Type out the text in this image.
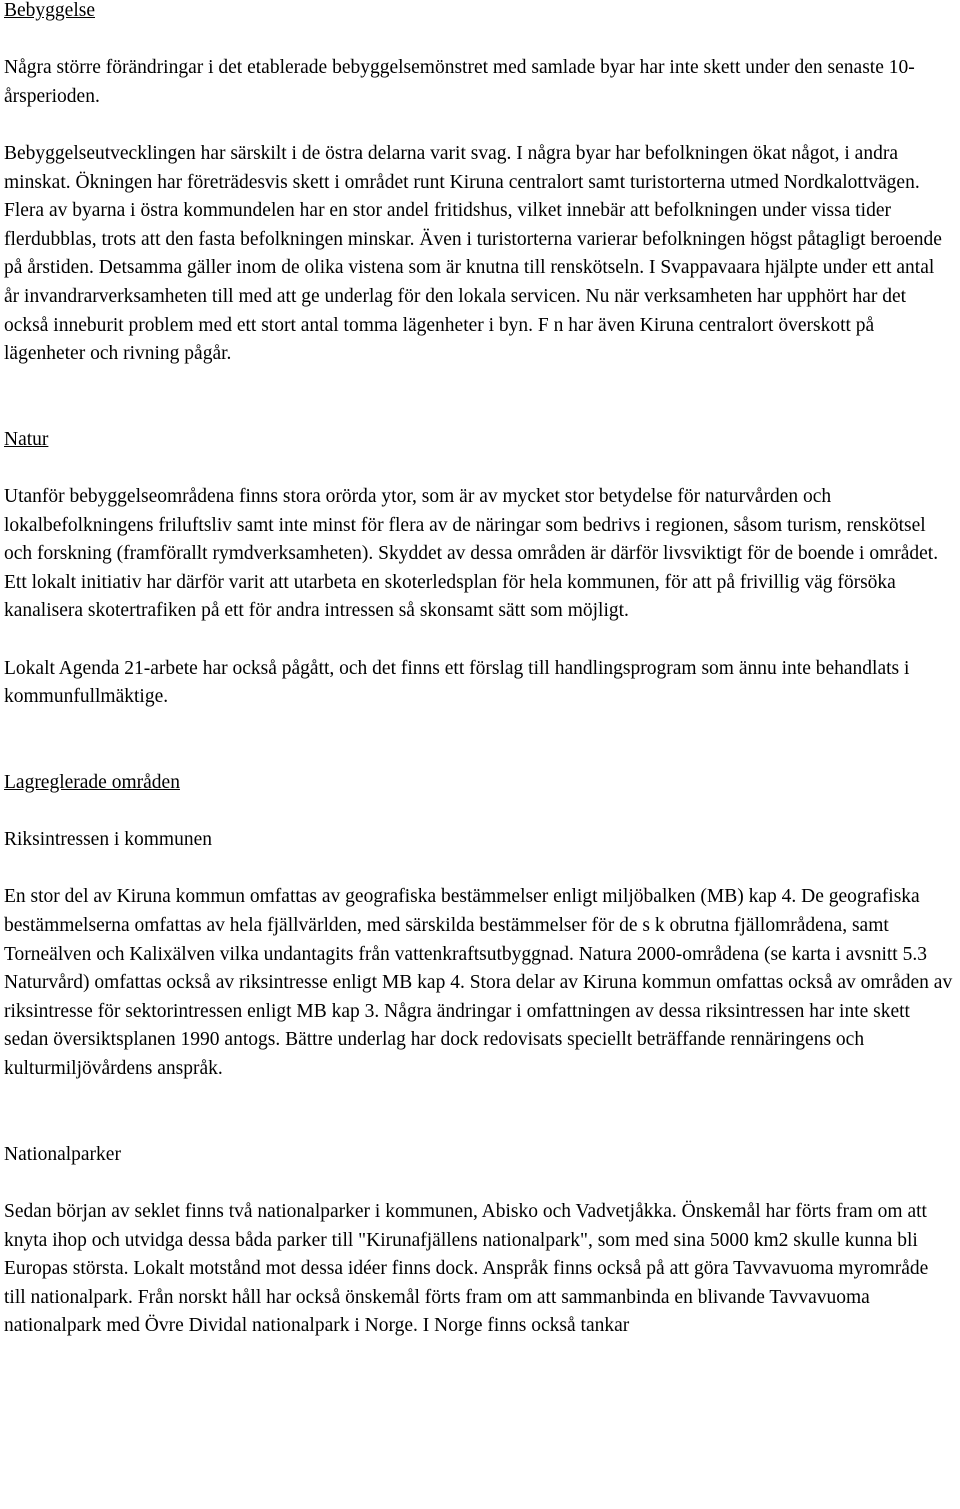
Bebyggelse

Några större förändringar i det etablerade bebyggelsemönstret med samlade byar har inte skett under den senaste 10-årsperioden.

Bebyggelseutvecklingen har särskilt i de östra delarna varit svag. I några byar har befolkningen ökat något, i andra minskat. Ökningen har företrädesvis skett i området runt Kiruna centralort samt turistorterna utmed Nordkalottvägen. Flera av byarna i östra kommundelen har en stor andel fritidshus, vilket innebär att befolkningen under vissa tider flerdubblas, trots att den fasta befolkningen minskar. Även i turistorterna varierar befolkningen högst påtagligt beroende på årstiden. Detsamma gäller inom de olika vistena som är knutna till renskötseln. I Svappavaara hjälpte under ett antal år invandrarverksamheten till med att ge underlag för den lokala servicen. Nu när verksamheten har upphört har det också inneburit problem med ett stort antal tomma lägenheter i byn. F n har även Kiruna centralort överskott på lägenheter och rivning pågår.

Natur

Utanför bebyggelseområdena finns stora orörda ytor, som är av mycket stor betydelse för naturvården och lokalbefolkningens friluftsliv samt inte minst för flera av de näringar som bedrivs i regionen, såsom turism, renskötsel och forskning (framförallt rymdverksamheten). Skyddet av dessa områden är därför livsviktigt för de boende i området. Ett lokalt initiativ har därför varit att utarbeta en skoterledsplan för hela kommunen, för att på frivillig väg försöka kanalisera skotertrafiken på ett för andra intressen så skonsamt sätt som möjligt.

Lokalt Agenda 21-arbete har också pågått, och det finns ett förslag till handlingsprogram som ännu inte behandlats i kommunfullmäktige.

Lagreglerade områden

Riksintressen i kommunen

En stor del av Kiruna kommun omfattas av geografiska bestämmelser enligt miljöbalken (MB) kap 4. De geografiska bestämmelserna omfattas av hela fjällvärlden, med särskilda bestämmelser för de s k obrutna fjällområdena, samt Torneälven och Kalixälven vilka undantagits från vattenkraftsutbyggnad. Natura 2000-områdena (se karta i avsnitt 5.3 Naturvård) omfattas också av riksintresse enligt MB kap 4. Stora delar av Kiruna kommun omfattas också av områden av riksintresse för sektorintressen enligt MB kap 3. Några ändringar i omfattningen av dessa riksintressen har inte skett sedan översiktsplanen 1990 antogs. Bättre underlag har dock redovisats speciellt beträffande rennäringens och kulturmiljövårdens anspråk.

Nationalparker

Sedan början av seklet finns två nationalparker i kommunen, Abisko och Vadvetjåkka. Önskemål har förts fram om att knyta ihop och utvidga dessa båda parker till "Kirunafjällens nationalpark", som med sina 5000 km2 skulle kunna bli Europas största. Lokalt motstånd mot dessa idéer finns dock. Anspråk finns också på att göra Tavvavuoma myrområde till nationalpark. Från norskt håll har också önskemål förts fram om att sammanbinda en blivande Tavvavuoma nationalpark med Övre Dividal nationalpark i Norge. I Norge finns också tankar
